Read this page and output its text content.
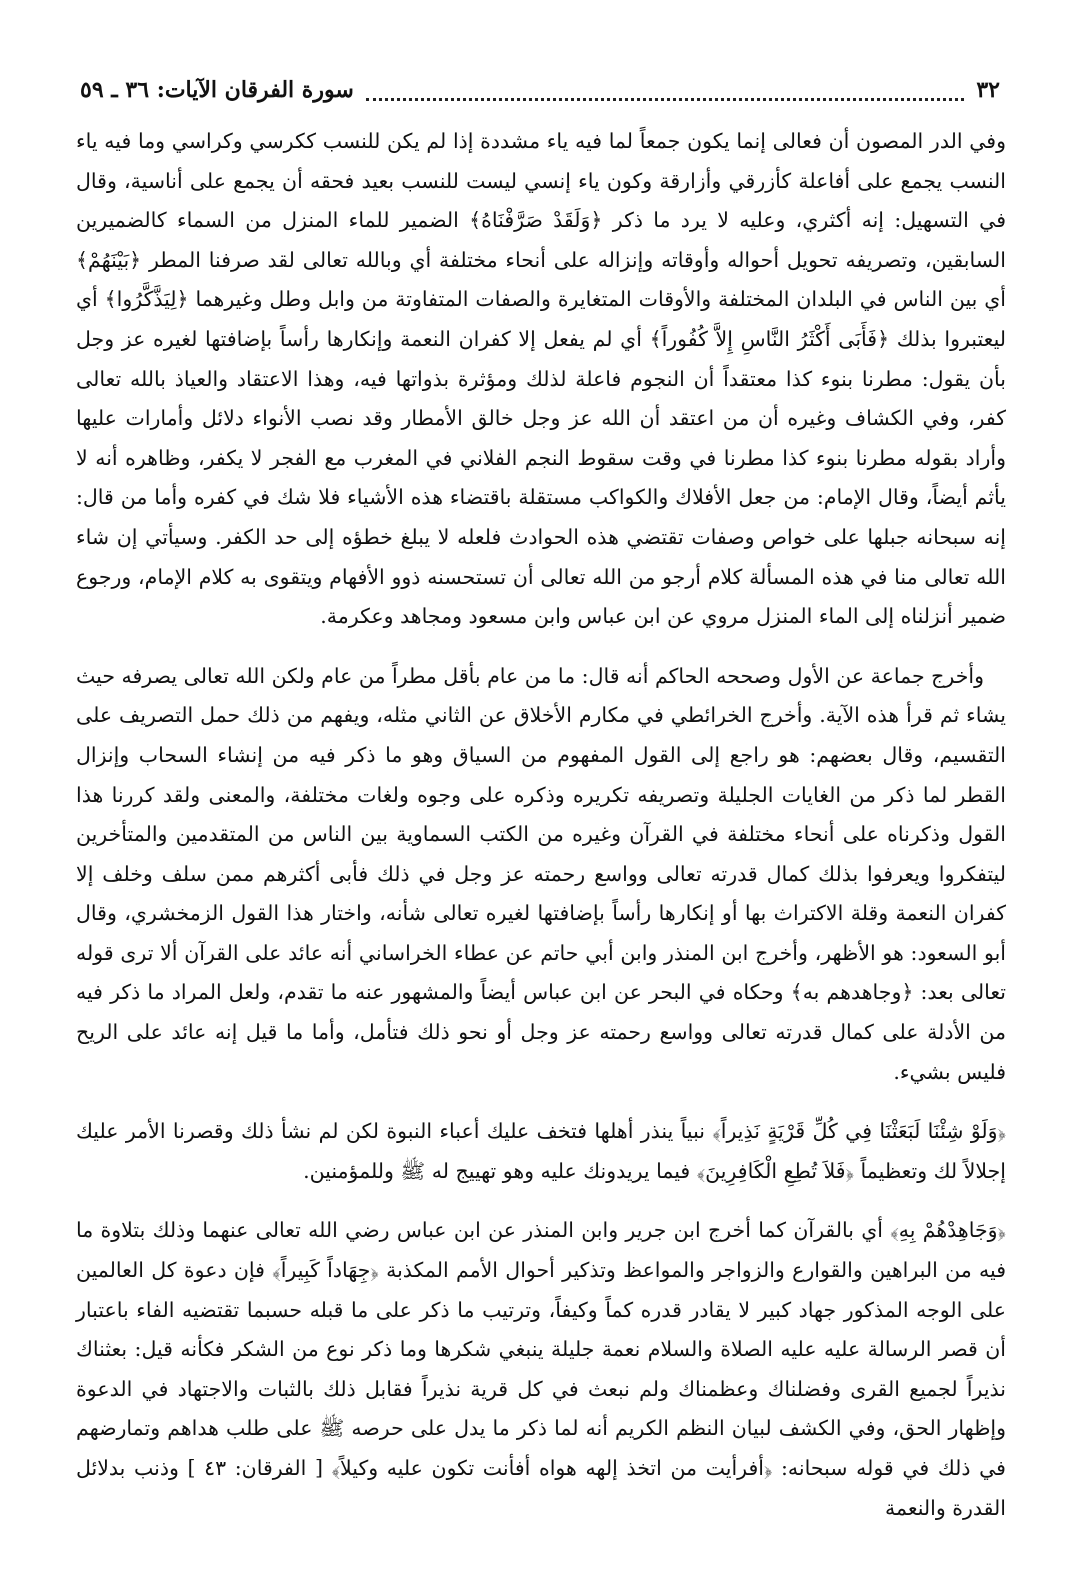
٣٢
سورة الفرقان الآيات: ٣٦ ـ ٥٩

وفي الدر المصون أن فعالى إنما يكون جمعاً لما فيه ياء مشددة إذا لم يكن للنسب ككرسي وكراسي وما فيه ياء النسب يجمع على أفاعلة كأزرقي وأزارقة وكون ياء إنسي ليست للنسب بعيد فحقه أن يجمع على أناسية، وقال في التسهيل: إنه أكثري، وعليه لا يرد ما ذكر ﴿وَلَقَدْ صَرَّفْنَاهُ﴾ الضمير للماء المنزل من السماء كالضميرين السابقين، وتصريفه تحويل أحواله وأوقاته وإنزاله على أنحاء مختلفة أي وبالله تعالى لقد صرفنا المطر ﴿بَيْنَهُمْ﴾ أي بين الناس في البلدان المختلفة والأوقات المتغايرة والصفات المتفاوتة من وابل وطل وغيرهما ﴿لِيَذَّكَّرُوا﴾ أي ليعتبروا بذلك ﴿فَأَبَى أَكْثَرُ النَّاسِ إِلاَّ كُفُوراً﴾ أي لم يفعل إلا كفران النعمة وإنكارها رأساً بإضافتها لغيره عز وجل بأن يقول: مطرنا بنوء كذا معتقداً أن النجوم فاعلة لذلك ومؤثرة بذواتها فيه، وهذا الاعتقاد والعياذ بالله تعالى كفر، وفي الكشاف وغيره أن من اعتقد أن الله عز وجل خالق الأمطار وقد نصب الأنواء دلائل وأمارات عليها وأراد بقوله مطرنا بنوء كذا مطرنا في وقت سقوط النجم الفلاني في المغرب مع الفجر لا يكفر، وظاهره أنه لا يأثم أيضاً، وقال الإمام: من جعل الأفلاك والكواكب مستقلة باقتضاء هذه الأشياء فلا شك في كفره وأما من قال: إنه سبحانه جبلها على خواص وصفات تقتضي هذه الحوادث فلعله لا يبلغ خطؤه إلى حد الكفر. وسيأتي إن شاء الله تعالى منا في هذه المسألة كلام أرجو من الله تعالى أن تستحسنه ذوو الأفهام ويتقوى به كلام الإمام، ورجوع ضمير أنزلناه إلى الماء المنزل مروي عن ابن عباس وابن مسعود ومجاهد وعكرمة.

وأخرج جماعة عن الأول وصححه الحاكم أنه قال: ما من عام بأقل مطراً من عام ولكن الله تعالى يصرفه حيث يشاء ثم قرأ هذه الآية. وأخرج الخرائطي في مكارم الأخلاق عن الثاني مثله، ويفهم من ذلك حمل التصريف على التقسيم، وقال بعضهم: هو راجع إلى القول المفهوم من السياق وهو ما ذكر فيه من إنشاء السحاب وإنزال القطر لما ذكر من الغايات الجليلة وتصريفه تكريره وذكره على وجوه ولغات مختلفة، والمعنى ولقد كررنا هذا القول وذكرناه على أنحاء مختلفة في القرآن وغيره من الكتب السماوية بين الناس من المتقدمين والمتأخرين ليتفكروا ويعرفوا بذلك كمال قدرته تعالى وواسع رحمته عز وجل في ذلك فأبى أكثرهم ممن سلف وخلف إلا كفران النعمة وقلة الاكتراث بها أو إنكارها رأساً بإضافتها لغيره تعالى شأنه، واختار هذا القول الزمخشري، وقال أبو السعود: هو الأظهر، وأخرج ابن المنذر وابن أبي حاتم عن عطاء الخراساني أنه عائد على القرآن ألا ترى قوله تعالى بعد: ﴿وجاهدهم به﴾ وحكاه في البحر عن ابن عباس أيضاً والمشهور عنه ما تقدم، ولعل المراد ما ذكر فيه من الأدلة على كمال قدرته تعالى وواسع رحمته عز وجل أو نحو ذلك فتأمل، وأما ما قيل إنه عائد على الريح فليس بشيء.

﴿وَلَوْ شِئْنَا لَبَعَثْنَا فِي كُلِّ قَرْيَةٍ نَذِيراً﴾ نبياً ينذر أهلها فتخف عليك أعباء النبوة لكن لم نشأ ذلك وقصرنا الأمر عليك إجلالاً لك وتعظيماً ﴿فَلاَ تُطِعِ الْكَافِرِينَ﴾ فيما يريدونك عليه وهو تهييج له ﷺ وللمؤمنين.

﴿وَجَاهِدْهُمْ بِهِ﴾ أي بالقرآن كما أخرج ابن جرير وابن المنذر عن ابن عباس رضي الله تعالى عنهما وذلك بتلاوة ما فيه من البراهين والقوارع والزواجر والمواعظ وتذكير أحوال الأمم المكذبة ﴿جِهَاداً كَبِيراً﴾ فإن دعوة كل العالمين على الوجه المذكور جهاد كبير لا يقادر قدره كماً وكيفاً، وترتيب ما ذكر على ما قبله حسبما تقتضيه الفاء باعتبار أن قصر الرسالة عليه عليه الصلاة والسلام نعمة جليلة ينبغي شكرها وما ذكر نوع من الشكر فكأنه قيل: بعثناك نذيراً لجميع القرى وفضلناك وعظمناك ولم نبعث في كل قرية نذيراً فقابل ذلك بالثبات والاجتهاد في الدعوة وإظهار الحق، وفي الكشف لبيان النظم الكريم أنه لما ذكر ما يدل على حرصه ﷺ على طلب هداهم وتمارضهم في ذلك في قوله سبحانه: ﴿أفرأيت من اتخذ إلهه هواه أفأنت تكون عليه وكيلاً﴾ [ الفرقان: ٤٣ ] وذنب بدلائل القدرة والنعمة
